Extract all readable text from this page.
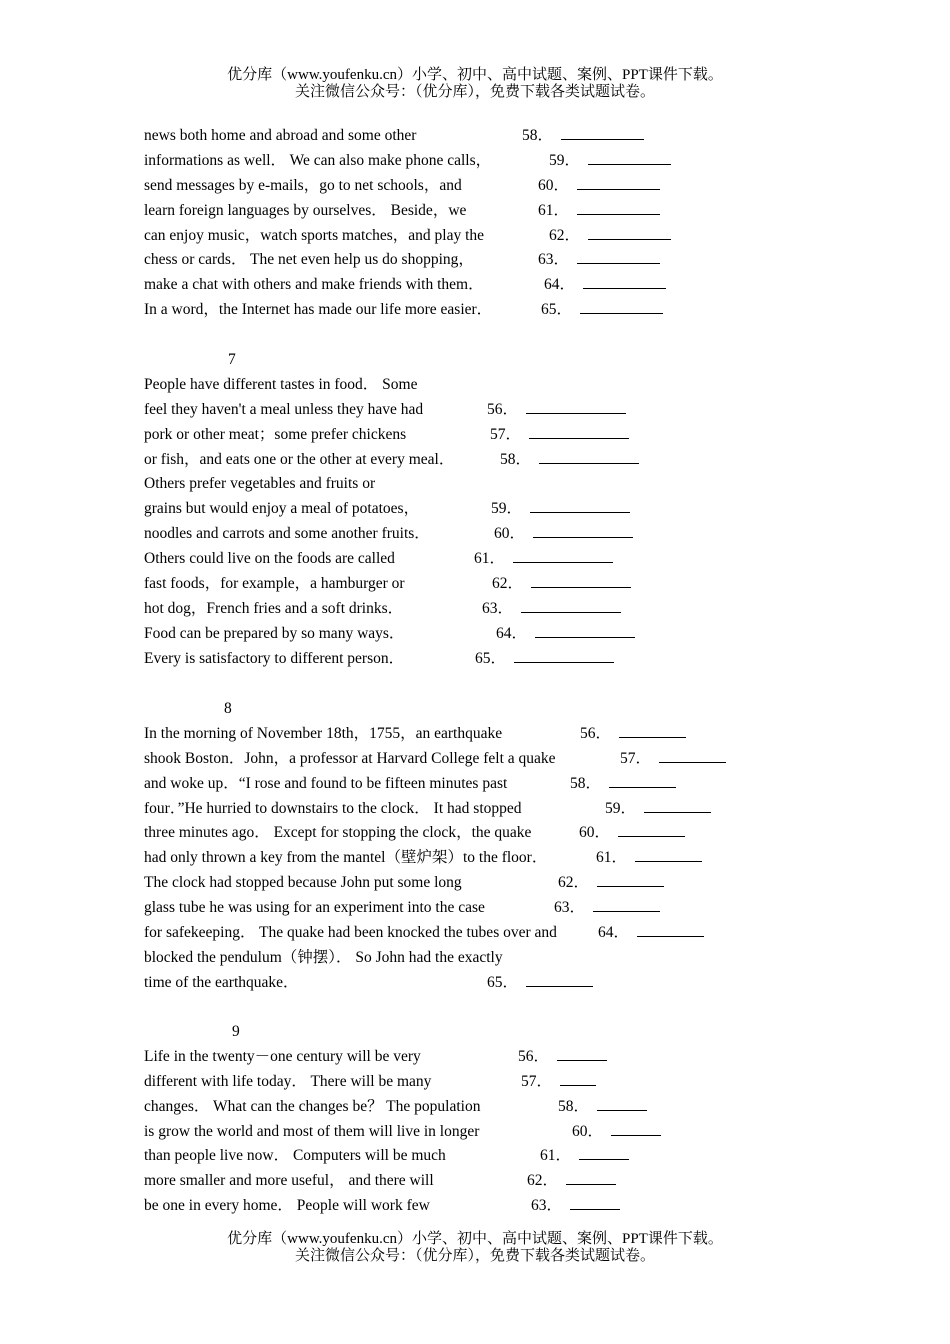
优分库（www.youfenku.cn）小学、初中、高中试题、案例、PPT课件下载。
关注微信公众号：（优分库），免费下载各类试题试卷。
news both home and abroad and some other	58．
informations as well． We can also make phone calls，	59．
send messages by e-mails，go to net schools，and	60．
learn foreign languages by ourselves． Beside，we	61．
can enjoy music，watch sports matches，and play the	62．
chess or cards． The net even help us do shopping，	63．
make a chat with others and make friends with them．	64．
In a word，the Internet has made our life more easier．	65．
7
People have different tastes in food． Some
feel they haven't a meal unless they have had	56．
pork or other meat；some prefer chickens	57．
or fish，and eats one or the other at every meal．	58．
Others prefer vegetables and fruits or
grains but would enjoy a meal of potatoes，	59．
noodles and carrots and some another fruits．	60．
Others could live on the foods are called	61．
fast foods，for example，a hamburger or	62．
hot dog，French fries and a soft drinks．	63．
Food can be prepared by so many ways．	64．
Every is satisfactory to different person．	65．
8
In the morning of November 18th，1755，an earthquake	56．
shook Boston．John，a professor at Harvard College felt a quake	57．
and woke up．“I rose and found to be fifteen minutes past	58．
four．”He hurried to downstairs to the clock． It had stopped	59．
three minutes ago． Except for stopping the clock，the quake	60．
had only thrown a key from the mantel（壁炉架）to the floor．	61．
The clock had stopped because John put some long	62．
glass tube he was using for an experiment into the case	63．
for safekeeping． The quake had been knocked the tubes over and	64．
blocked the pendulum（钟摆）． So John had the exactly
time of the earthquake．	65．
9
Life in the twenty－one century will be very	56．
different with life today． There will be many	57．
changes． What can the changes be？ The population	58．
is grow the world and most of them will live in longer	60．
than people live now． Computers will be much	61．
more smaller and more useful， and there will	62．
be one in every home． People will work few	63．
优分库（www.youfenku.cn）小学、初中、高中试题、案例、PPT课件下载。
关注微信公众号：（优分库），免费下载各类试题试卷。
